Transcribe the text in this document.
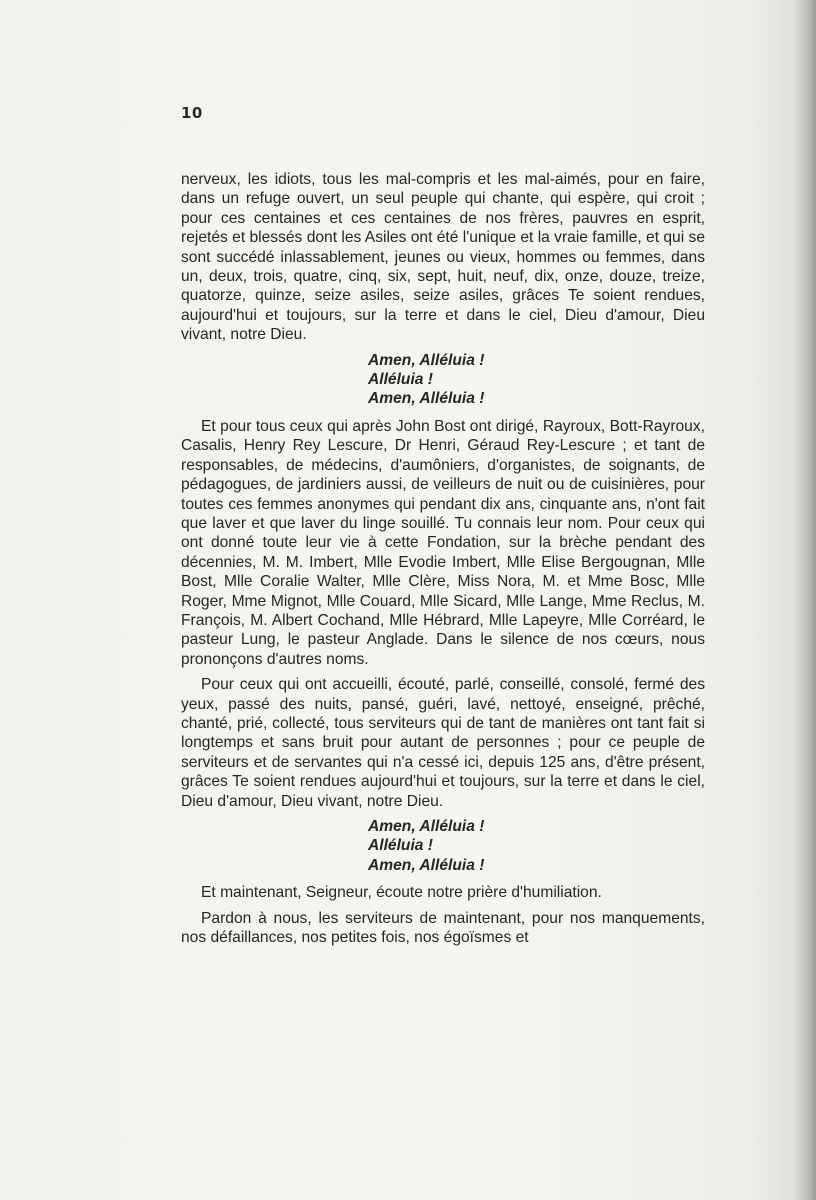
10

nerveux, les idiots, tous les mal-compris et les mal-aimés, pour en faire, dans un refuge ouvert, un seul peuple qui chante, qui espère, qui croit ; pour ces centaines et ces centaines de nos frères, pauvres en esprit, rejetés et blessés dont les Asiles ont été l'unique et la vraie famille, et qui se sont succédé inlassablement, jeunes ou vieux, hommes ou femmes, dans un, deux, trois, quatre, cinq, six, sept, huit, neuf, dix, onze, douze, treize, quatorze, quinze, seize asiles, seize asiles, grâces Te soient rendues, aujourd'hui et toujours, sur la terre et dans le ciel, Dieu d'amour, Dieu vivant, notre Dieu.

Amen, Alléluia !
Alléluia !
Amen, Alléluia !

Et pour tous ceux qui après John Bost ont dirigé, Rayroux, Bott-Rayroux, Casalis, Henry Rey Lescure, Dr Henri, Géraud Rey-Lescure ; et tant de responsables, de médecins, d'aumôniers, d'organistes, de soignants, de pédagogues, de jardiniers aussi, de veilleurs de nuit ou de cuisinières, pour toutes ces femmes anonymes qui pendant dix ans, cinquante ans, n'ont fait que laver et que laver du linge souillé. Tu connais leur nom. Pour ceux qui ont donné toute leur vie à cette Fondation, sur la brèche pendant des décennies, M. M. Imbert, Mlle Evodie Imbert, Mlle Elise Bergougnan, Mlle Bost, Mlle Coralie Walter, Mlle Clère, Miss Nora, M. et Mme Bosc, Mlle Roger, Mme Mignot, Mlle Couard, Mlle Sicard, Mlle Lange, Mme Reclus, M. François, M. Albert Cochand, Mlle Hébrard, Mlle Lapeyre, Mlle Corréard, le pasteur Lung, le pasteur Anglade. Dans le silence de nos cœurs, nous prononçons d'autres noms.

Pour ceux qui ont accueilli, écouté, parlé, conseillé, consolé, fermé des yeux, passé des nuits, pansé, guéri, lavé, nettoyé, enseigné, prêché, chanté, prié, collecté, tous serviteurs qui de tant de manières ont tant fait si longtemps et sans bruit pour autant de personnes ; pour ce peuple de serviteurs et de servantes qui n'a cessé ici, depuis 125 ans, d'être présent, grâces Te soient rendues aujourd'hui et toujours, sur la terre et dans le ciel, Dieu d'amour, Dieu vivant, notre Dieu.

Amen, Alléluia !
Alléluia !
Amen, Alléluia !

Et maintenant, Seigneur, écoute notre prière d'humiliation.

Pardon à nous, les serviteurs de maintenant, pour nos manquements, nos défaillances, nos petites fois, nos égoïsmes et
